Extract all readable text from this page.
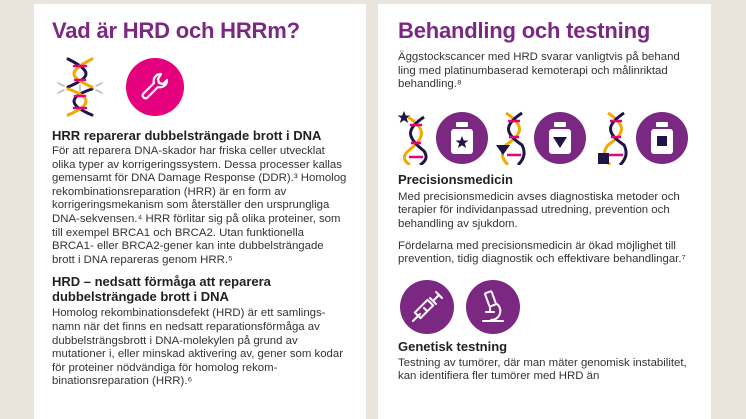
Vad är HRD och HRRm?
HRR reparerar dubbelsträngade brott i DNA

För att reparera DNA-skador har friska celler utvecklat olika typer av korrigeringssystem. Dessa processer kallas gemensamt för DNA Damage Response (DDR).³ Homolog rekombinationsreparation (HRR) är en form av korrigeringsmekanism som återställer den ursprungliga DNA-sekvensen.⁴ HRR förlitar sig på olika proteiner, som till exempel BRCA1 och BRCA2. Utan funktionella BRCA1- eller BRCA2-gener kan inte dubbelsträngade brott i DNA repareras genom HRR.⁵

HRD – nedsatt förmåga att reparera dubbelsträngade brott i DNA

Homolog rekombinationsdefekt (HRD) är ett samlings-namn när det finns en nedsatt reparationsförmåga av dubbelsträngsbrott i DNA-molekylen på grund av mutationer i, eller minskad aktivering av, gener som kodar för proteiner nödvändiga för homolog rekom-binationsreparation (HRR).⁶

Behandling och testning

Äggstockscancer med HRD svarar vanligtvis på behand ling med platinumbaserad kemoterapi och målinriktad behandling.⁸

Precisionsmedicin

Med precisionsmedicin avses diagnostiska metoder och terapier för individanpassad utredning, prevention och behandling av sjukdom.

Fördelarna med precisionsmedicin är ökad möjlighet till prevention, tidig diagnostik och effektivare behandlingar.⁷

Genetisk testning

Testning av tumörer, där man mäter genomisk instabilitet, kan identifiera fler tumörer med HRD än
